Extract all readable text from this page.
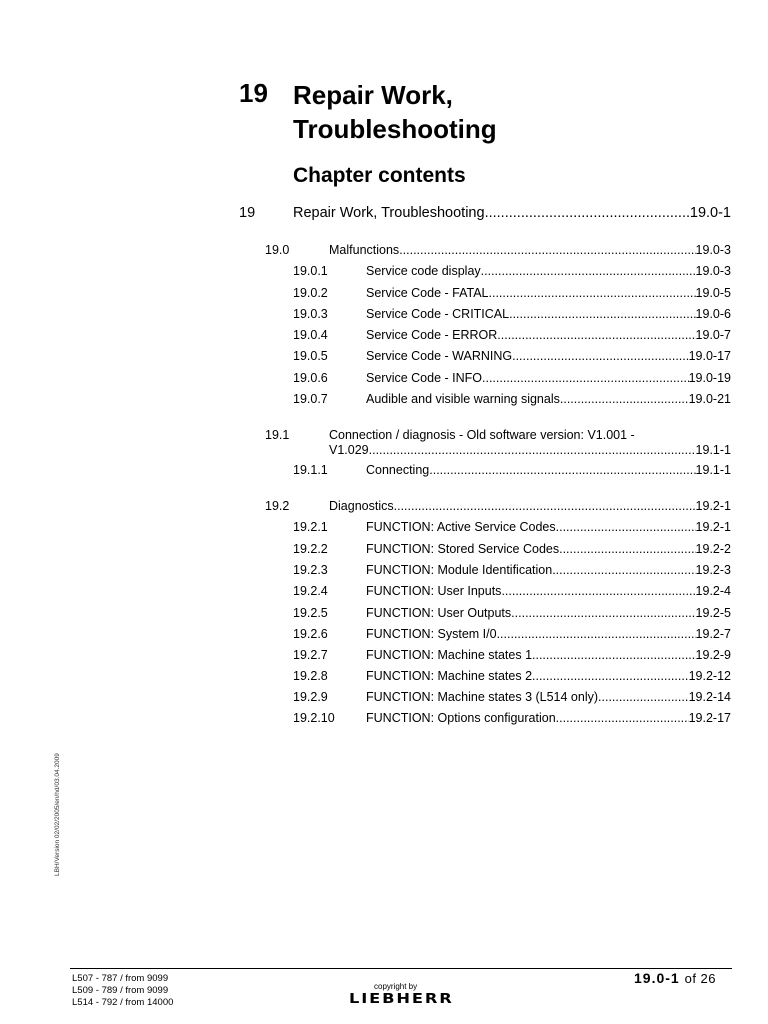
19 Repair Work,
Troubleshooting
Chapter contents
19	Repair Work, Troubleshooting .....	19.0-1
19.0	Malfunctions .....	19.0-3
19.0.1	Service code display .....	19.0-3
19.0.2	Service Code - FATAL .....	19.0-5
19.0.3	Service Code - CRITICAL .....	19.0-6
19.0.4	Service Code - ERROR .....	19.0-7
19.0.5	Service Code - WARNING .....	19.0-17
19.0.6	Service Code - INFO .....	19.0-19
19.0.7	Audible and visible warning signals .....	19.0-21
19.1	Connection / diagnosis - Old software version: V1.001 -
V1.029 .....	19.1-1
19.1.1	Connecting .....	19.1-1
19.2	Diagnostics .....	19.2-1
19.2.1	FUNCTION: Active Service Codes .....	19.2-1
19.2.2	FUNCTION: Stored Service Codes .....	19.2-2
19.2.3	FUNCTION: Module Identification .....	19.2-3
19.2.4	FUNCTION: User Inputs .....	19.2-4
19.2.5	FUNCTION: User Outputs .....	19.2-5
19.2.6	FUNCTION: System I/0 .....	19.2-7
19.2.7	FUNCTION: Machine states 1 .....	19.2-9
19.2.8	FUNCTION: Machine states 2 .....	19.2-12
19.2.9	FUNCTION: Machine states 3 (L514 only) .....	19.2-14
19.2.10	FUNCTION: Options configuration .....	19.2-17
LBH/Version 02/02/2005/en/hd/03.04.2009
L507 - 787 / from 9099
L509 - 789 / from 9099
L514 - 792 / from 14000
copyright by
LIEBHERR
19.0-1 of 26
